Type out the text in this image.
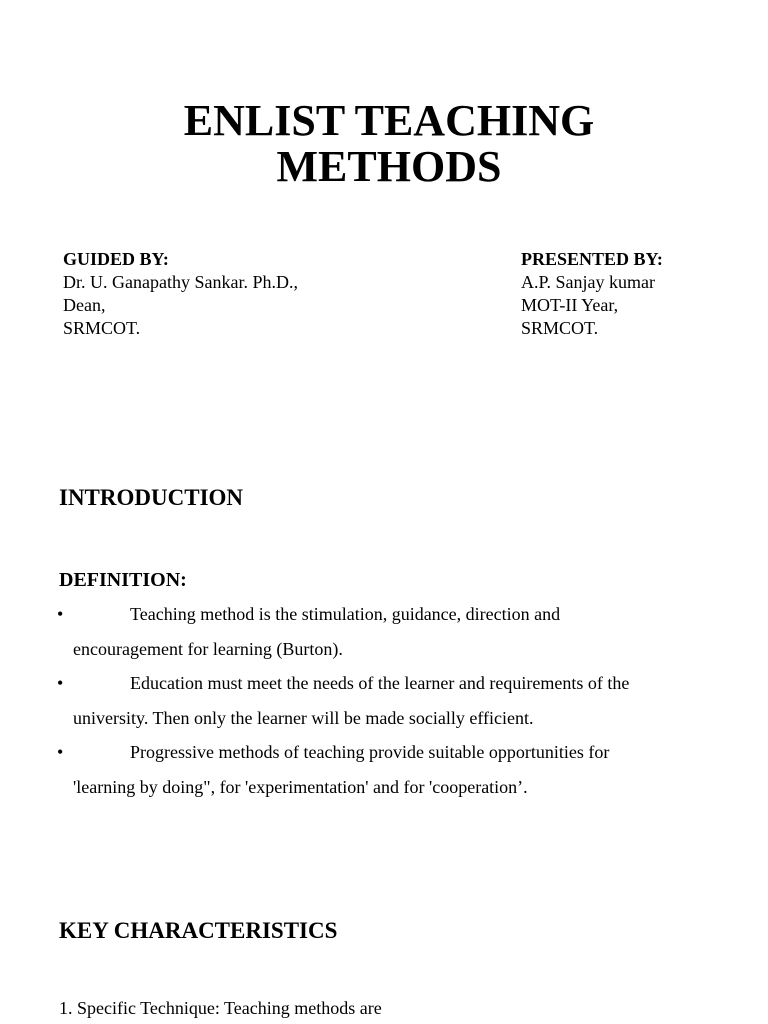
ENLIST TEACHING
METHODS
GUIDED BY:
Dr. U. Ganapathy Sankar. Ph.D.,
Dean,
SRMCOT.
PRESENTED BY:
A.P. Sanjay kumar
MOT-II Year,
SRMCOT.
INTRODUCTION
DEFINITION:
•	Teaching method is the stimulation, guidance, direction and
encouragement for learning (Burton).
•	Education must meet the needs of the learner and requirements of the
university. Then only the learner will be made socially efficient.
•	Progressive methods of teaching provide suitable opportunities for
'learning by doing", for 'experimentation' and for 'cooperation’.
KEY CHARACTERISTICS
1. Specific Technique: Teaching methods are
